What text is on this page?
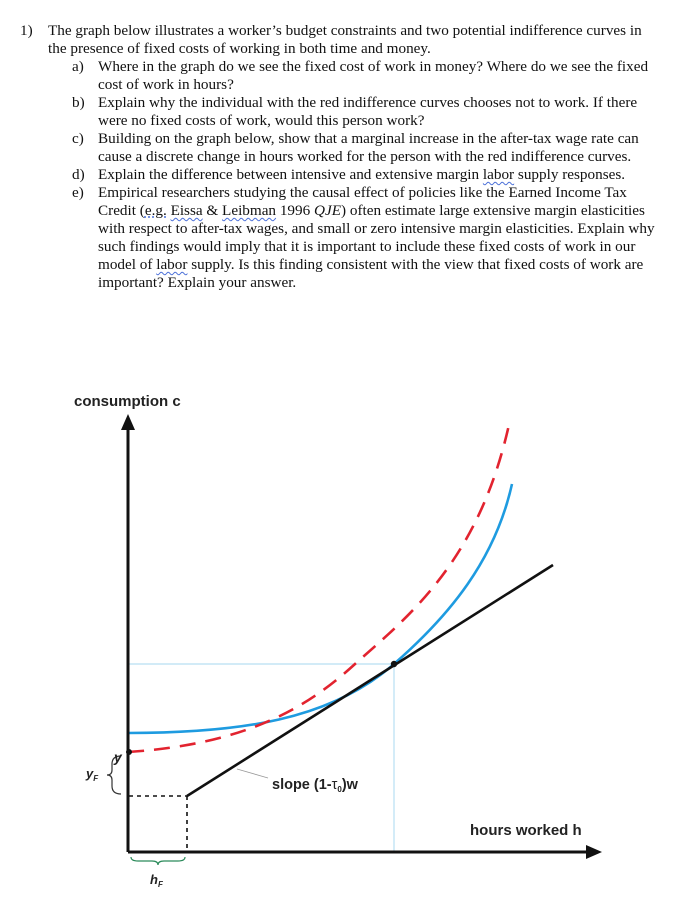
1)	The graph below illustrates a worker’s budget constraints and two potential indifference curves in the presence of fixed costs of working in both time and money.
a) Where in the graph do we see the fixed cost of work in money? Where do we see the fixed cost of work in hours?
b) Explain why the individual with the red indifference curves chooses not to work. If there were no fixed costs of work, would this person work?
c) Building on the graph below, show that a marginal increase in the after-tax wage rate can cause a discrete change in hours worked for the person with the red indifference curves.
d) Explain the difference between intensive and extensive margin labor supply responses.
e) Empirical researchers studying the causal effect of policies like the Earned Income Tax Credit (e.g. Eissa & Leibman 1996 QJE) often estimate large extensive margin elasticities with respect to after-tax wages, and small or zero intensive margin elasticities. Explain why such findings would imply that it is important to include these fixed costs of work in our model of labor supply. Is this finding consistent with the view that fixed costs of work are important? Explain your answer.
consumption c
hours worked h
y
$y_F$
$h_F$
slope $(1-\tau_0)w$
